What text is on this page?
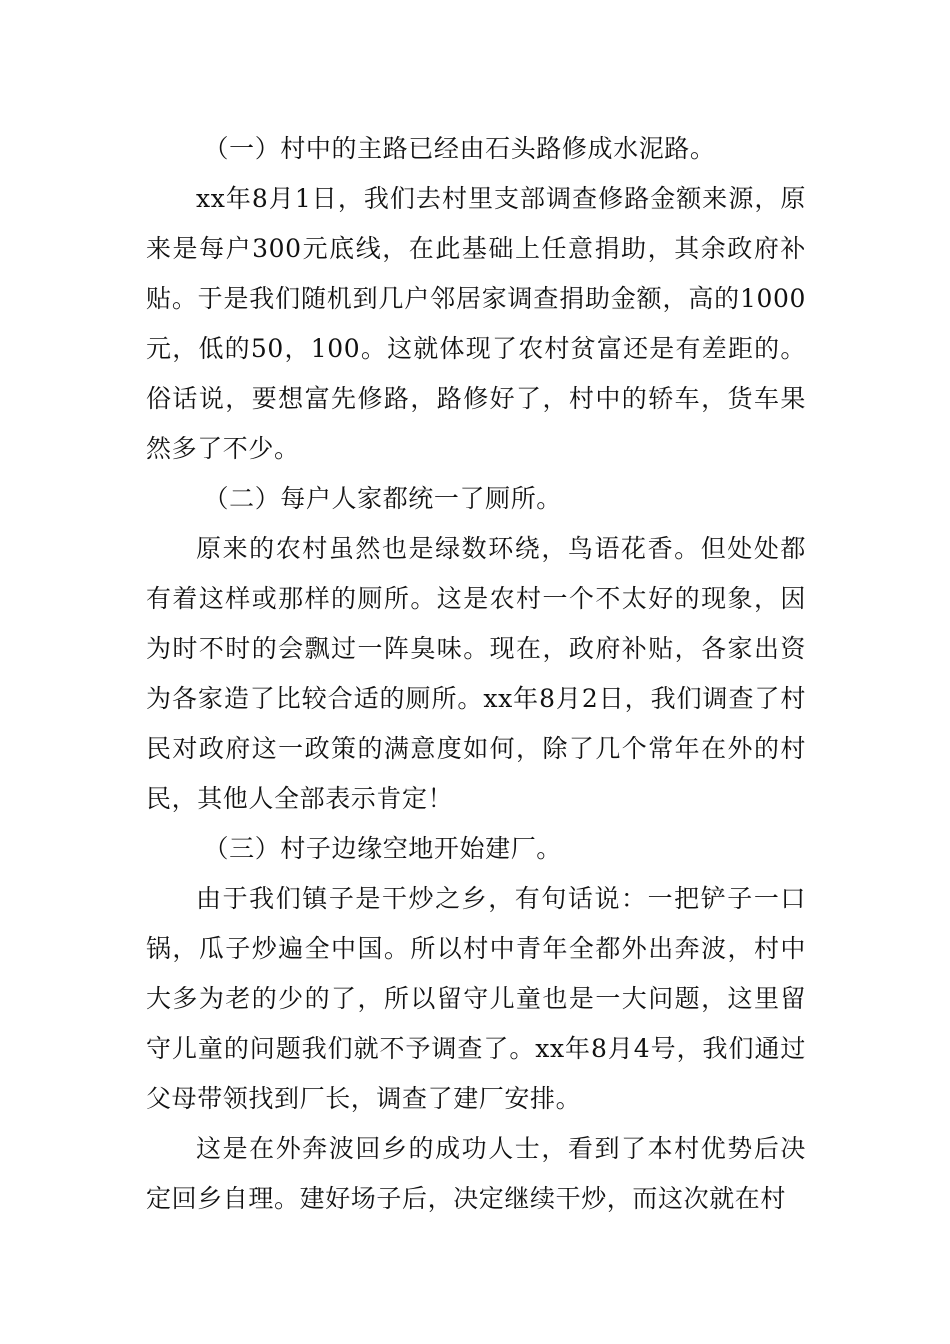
（一）村中的主路已经由石头路修成水泥路。

xx年8月1日，我们去村里支部调查修路金额来源，原来是每户300元底线，在此基础上任意捐助，其余政府补贴。于是我们随机到几户邻居家调查捐助金额，高的1000元，低的50，100。这就体现了农村贫富还是有差距的。俗话说，要想富先修路，路修好了，村中的轿车，货车果然多了不少。

（二）每户人家都统一了厕所。

原来的农村虽然也是绿数环绕，鸟语花香。但处处都有着这样或那样的厕所。这是农村一个不太好的现象，因为时不时的会飘过一阵臭味。现在，政府补贴，各家出资为各家造了比较合适的厕所。xx年8月2日，我们调查了村民对政府这一政策的满意度如何，除了几个常年在外的村民，其他人全部表示肯定！

（三）村子边缘空地开始建厂。

由于我们镇子是干炒之乡，有句话说：一把铲子一口锅，瓜子炒遍全中国。所以村中青年全都外出奔波，村中大多为老的少的了，所以留守儿童也是一大问题，这里留守儿童的问题我们就不予调查了。xx年8月4号，我们通过父母带领找到厂长，调查了建厂安排。

这是在外奔波回乡的成功人士，看到了本村优势后决定回乡自理。建好场子后，决定继续干炒，而这次就在村
